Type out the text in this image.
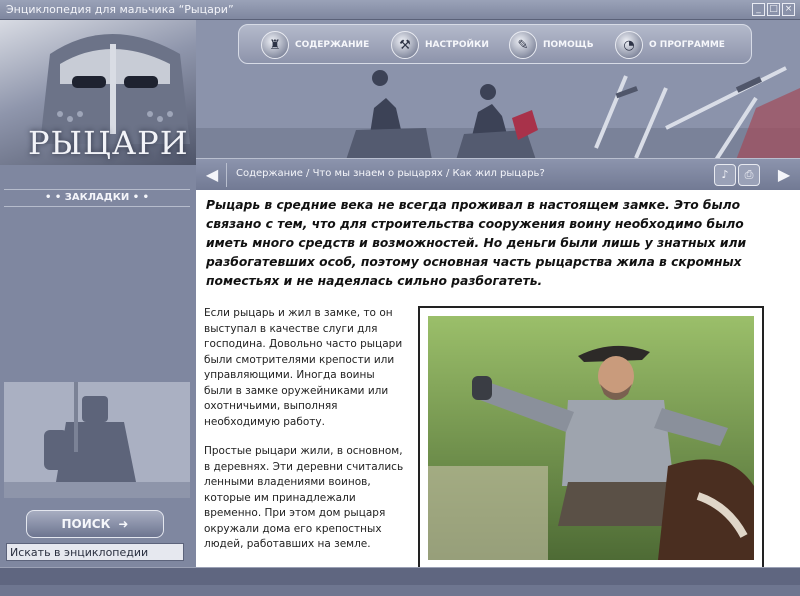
Энциклопедия для мальчика “Рыцари”	_ □ ×
♜	СОДЕРЖАНИЕ	⚒	НАСТРОЙКИ	✎	ПОМОЩЬ	◔	О ПРОГРАММЕ
РЫЦАРИ
◀	Содержание / Что мы знаем о рыцарях / Как жил рыцарь?	♪	⎙	▶
• • ЗАКЛАДКИ • •
ПОИСК ➜
Искать в энциклопедии
Рыцарь в средние века не всегда проживал в настоящем замке. Это было связано с тем, что для строительства сооружения воину необходимо было иметь много средств и возможностей. Но деньги были лишь у знатных или разбогатевших особ, поэтому основная часть рыцарства жила в скромных поместьях и не надеялась сильно разбогатеть.

Если рыцарь и жил в замке, то он выступал в качестве слуги для господина. Довольно часто рыцари были смотрителями крепости или управляющими. Иногда воины были в замке оружейниками или охотничьими, выполняя необходимую работу.

Простые рыцари жили, в основном, в деревнях. Эти деревни считались ленными владениями воинов, которые им принадлежали временно. При этом дом рыцаря окружали дома его крепостных людей, работавших на земле.
